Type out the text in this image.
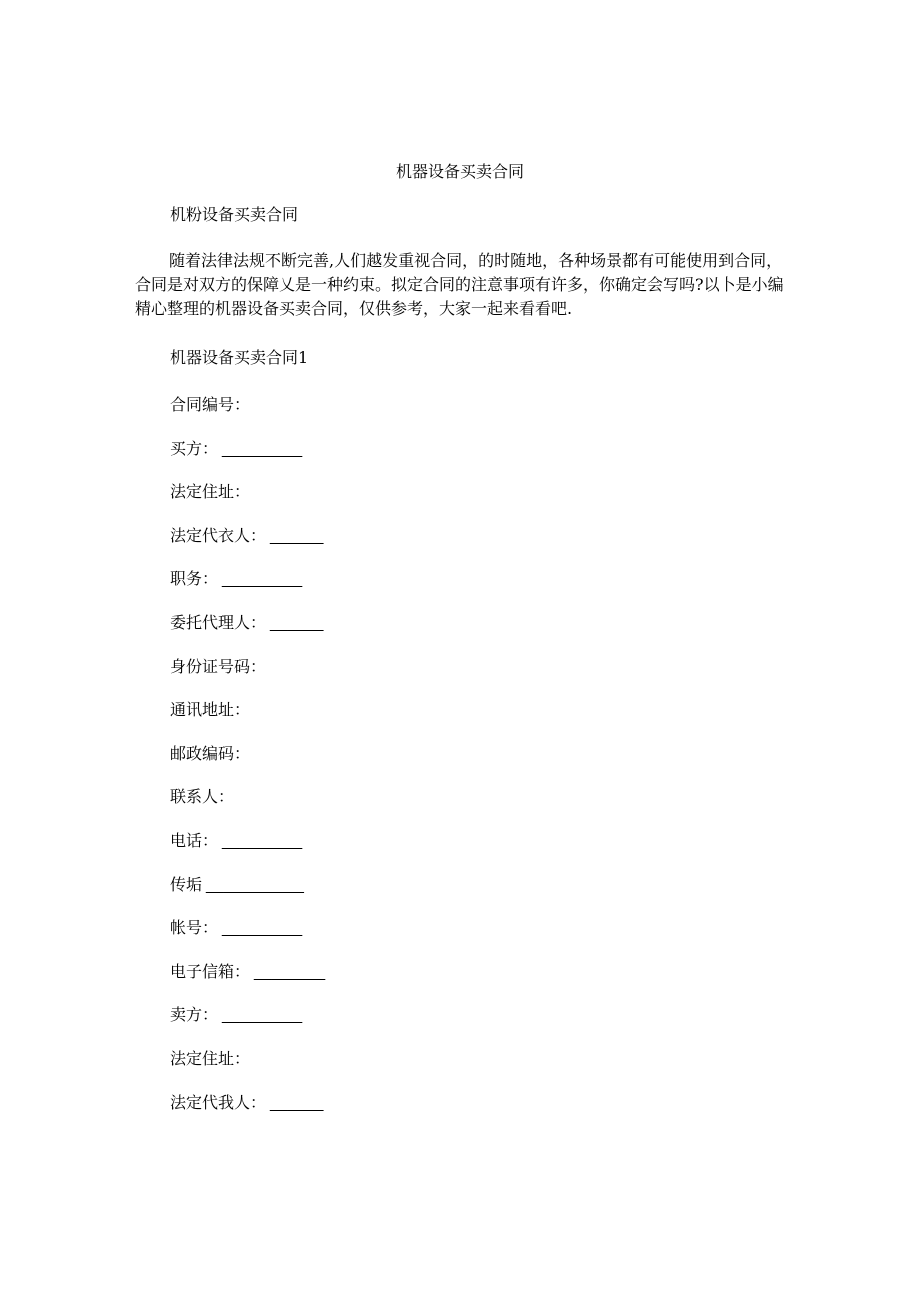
机器设备买卖合同

机粉设备买卖合同

随着法律法规不断完善,人们越发重视合同，的时随地，各种场景都有可能使用到合同，合同是对双方的保障乂是一种约束。拟定合同的注意事项有许多，你确定会写吗?以卜是小编精心整理的机器设备买卖合同，仅供参考，大家一起来看看吧.

机器设备买卖合同1

合同编号：
买方： _________
法定住址：
法定代衣人： ______
职务： _________
委托代理人： ______
身份证号码：
通讯地址：
邮政编码：
联系人：
电话： _________
传垢 ___________
帐号： _________
电子信箱： ________
卖方： _________
法定住址：
法定代我人： ______
